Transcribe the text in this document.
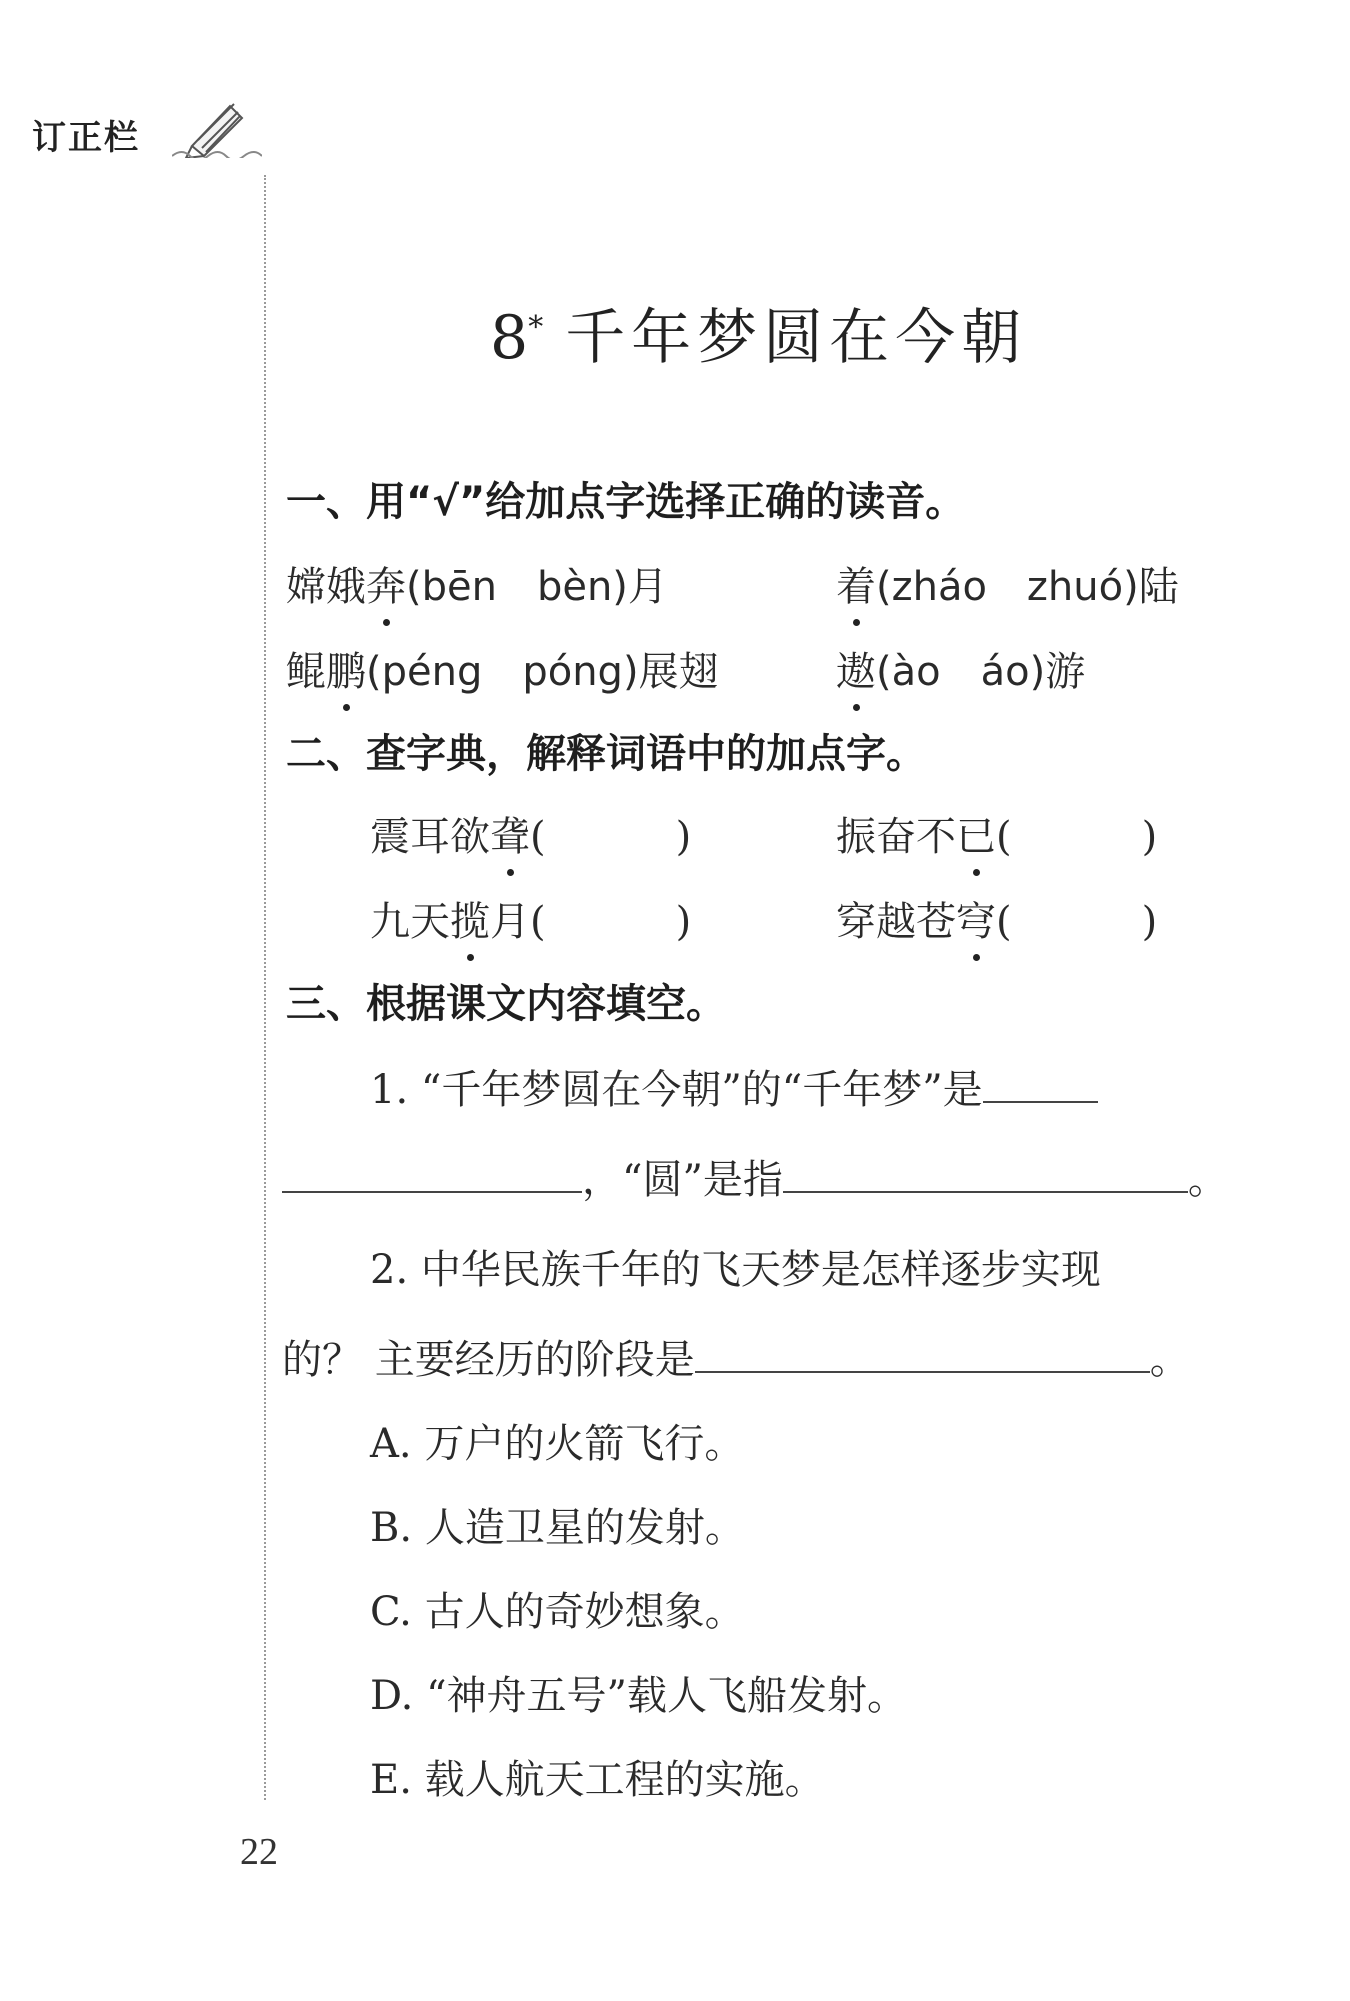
订正栏
8* 千年梦圆在今朝
一、用“√”给加点字选择正确的读音。
嫦娥奔(bēn　bèn)月	着(zháo　zhuó)陆
鲲鹏(péng　póng)展翅	遨(ào　áo)游
二、查字典，解释词语中的加点字。
震耳欲聋(	)	振奋不已(	)
九天揽月(	)	穿越苍穹(	)
三、根据课文内容填空。
1. “千年梦圆在今朝”的“千年梦”是
，“圆”是指	。
2. 中华民族千年的飞天梦是怎样逐步实现
的？ 主要经历的阶段是	。
A. 万户的火箭飞行。
B. 人造卫星的发射。
C. 古人的奇妙想象。
D. “神舟五号”载人飞船发射。
E. 载人航天工程的实施。
22
